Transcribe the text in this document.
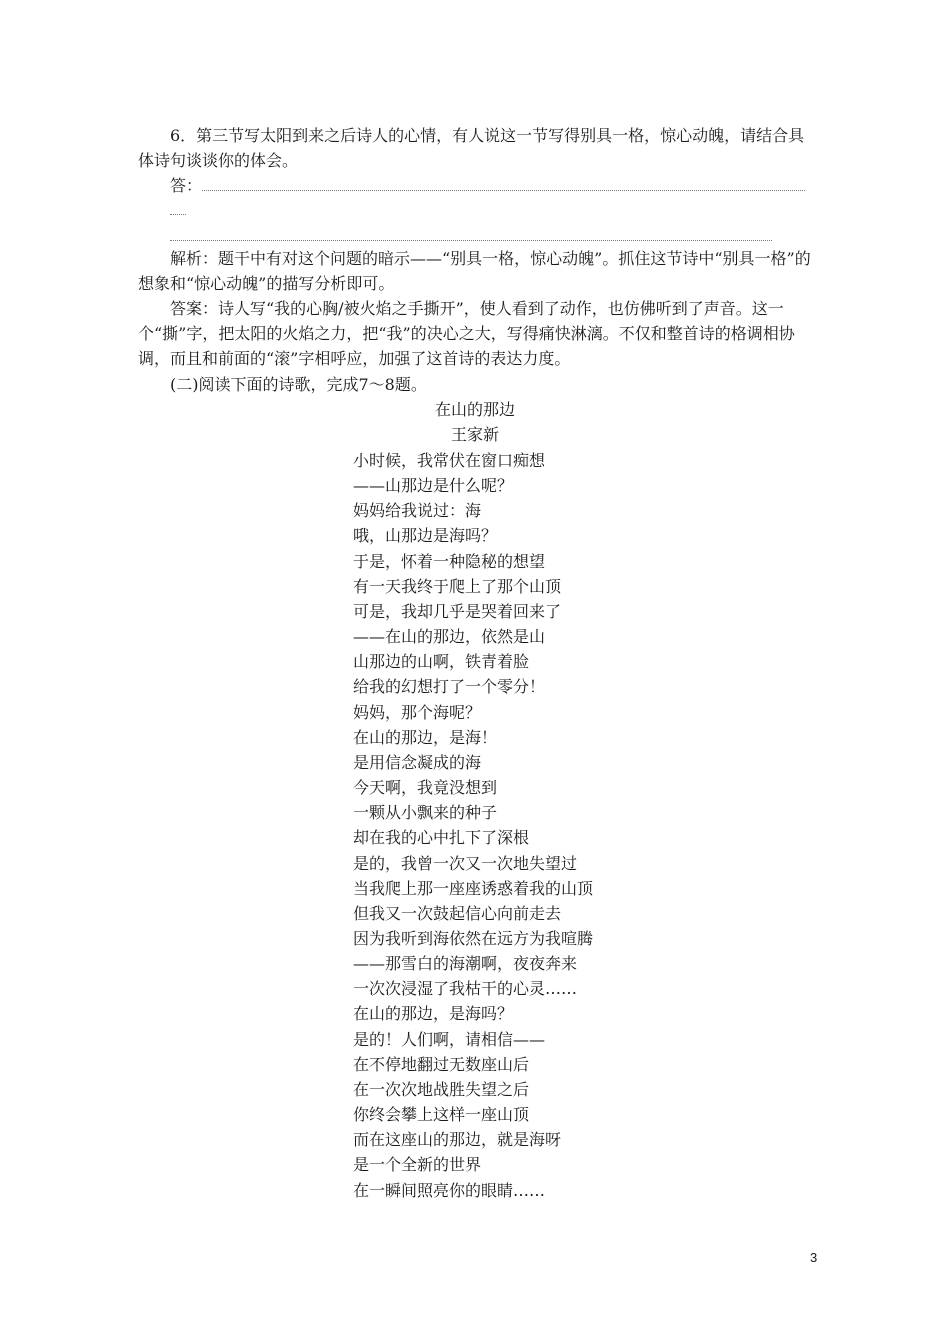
6．第三节写太阳到来之后诗人的心情，有人说这一节写得别具一格，惊心动魄，请结合具体诗句谈谈你的体会。

答：

解析：题干中有对这个问题的暗示——“别具一格，惊心动魄”。抓住这节诗中“别具一格”的想象和“惊心动魄”的描写分析即可。

答案：诗人写“我的心胸/被火焰之手撕开”，使人看到了动作，也仿佛听到了声音。这一个“撕”字，把太阳的火焰之力，把“我”的决心之大，写得痛快淋漓。不仅和整首诗的格调相协调，而且和前面的“滚”字相呼应，加强了这首诗的表达力度。

(二)阅读下面的诗歌，完成7～8题。

在山的那边

王家新

小时候，我常伏在窗口痴想
——山那边是什么呢？
妈妈给我说过：海
哦，山那边是海吗？
于是，怀着一种隐秘的想望
有一天我终于爬上了那个山顶
可是，我却几乎是哭着回来了
——在山的那边，依然是山
山那边的山啊，铁青着脸
给我的幻想打了一个零分！
妈妈，那个海呢？
在山的那边，是海！
是用信念凝成的海
今天啊，我竟没想到
一颗从小飘来的种子
却在我的心中扎下了深根
是的，我曾一次又一次地失望过
当我爬上那一座座诱惑着我的山顶
但我又一次鼓起信心向前走去
因为我听到海依然在远方为我喧腾
——那雪白的海潮啊，夜夜奔来
一次次浸湿了我枯干的心灵……
在山的那边，是海吗？
是的！人们啊，请相信——
在不停地翻过无数座山后
在一次次地战胜失望之后
你终会攀上这样一座山顶
而在这座山的那边，就是海呀
是一个全新的世界
在一瞬间照亮你的眼睛……
3
